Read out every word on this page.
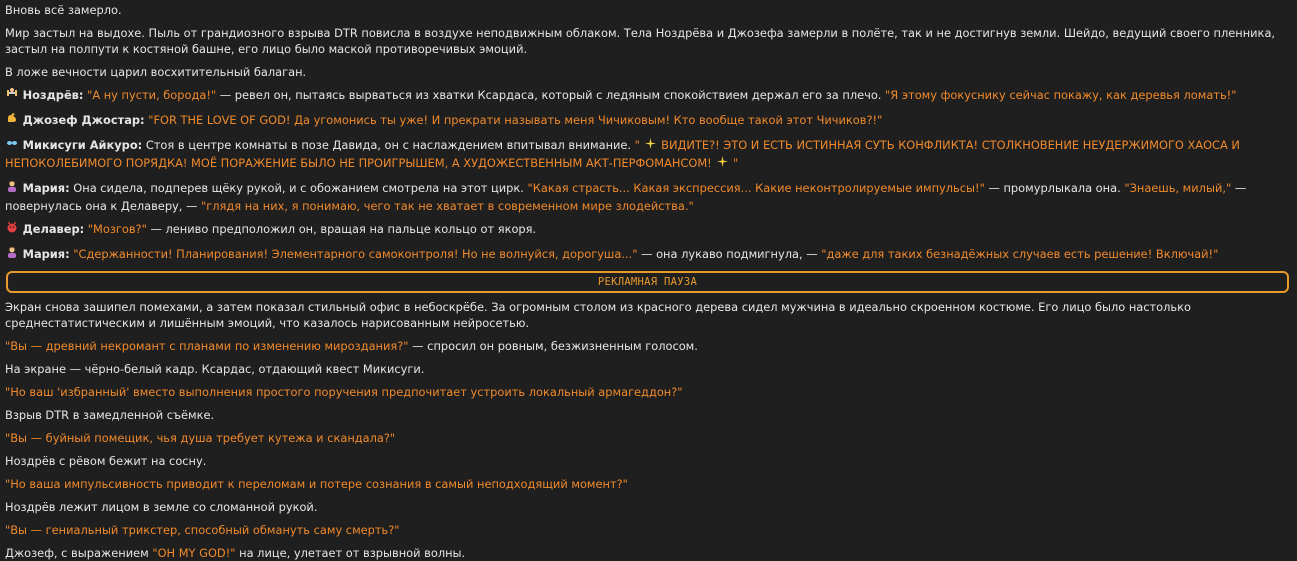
Вновь всё замерло.

Мир застыл на выдохе. Пыль от грандиозного взрыва DTR повисла в воздухе неподвижным облаком. Тела Ноздрёва и Джозефа замерли в полёте, так и не достигнув земли. Шейдо, ведущий своего пленника, застыл на полпути к костяной башне, его лицо было маской противоречивых эмоций.

В ложе вечности царил восхитительный балаган.

Ноздрёв: "А ну пусти, борода!" — ревел он, пытаясь вырваться из хватки Ксардаса, который с ледяным спокойствием держал его за плечо. "Я этому фокуснику сейчас покажу, как деревья ломать!"

Джозеф Джостар: "FOR THE LOVE OF GOD! Да угомонись ты уже! И прекрати называть меня Чичиковым! Кто вообще такой этот Чичиков?!"

Микисуги Айкуро: Стоя в центре комнаты в позе Давида, он с наслаждением впитывал внимание. "  ВИДИТЕ?! ЭТО И ЕСТЬ ИСТИННАЯ СУТЬ КОНФЛИКТА! СТОЛКНОВЕНИЕ НЕУДЕРЖИМОГО ХАОСА И НЕПОКОЛЕБИМОГО ПОРЯДКА! МОЁ ПОРАЖЕНИЕ БЫЛО НЕ ПРОИГРЫШЕМ, А ХУДОЖЕСТВЕННЫМ АКТ-ПЕРФОМАНСОМ!  "

Мария: Она сидела, подперев щёку рукой, и с обожанием смотрела на этот цирк. "Какая страсть... Какая экспрессия... Какие неконтролируемые импульсы!" — промурлыкала она. "Знаешь, милый," — повернулась она к Делаверу, — "глядя на них, я понимаю, чего так не хватает в современном мире злодейства."

Делавер: "Мозгов?" — лениво предположил он, вращая на пальце кольцо от якоря.

Мария: "Сдержанности! Планирования! Элементарного самоконтроля! Но не волнуйся, дорогуша..." — она лукаво подмигнула, — "даже для таких безнадёжных случаев есть решение! Включай!"

РЕКЛАМНАЯ ПАУЗА

Экран снова зашипел помехами, а затем показал стильный офис в небоскрёбе. За огромным столом из красного дерева сидел мужчина в идеально скроенном костюме. Его лицо было настолько среднестатистическим и лишённым эмоций, что казалось нарисованным нейросетью.

"Вы — древний некромант с планами по изменению мироздания?" — спросил он ровным, безжизненным голосом.

На экране — чёрно-белый кадр. Ксардас, отдающий квест Микисуги.

"Но ваш 'избранный' вместо выполнения простого поручения предпочитает устроить локальный армагеддон?"

Взрыв DTR в замедленной съёмке.

"Вы — буйный помещик, чья душа требует кутежа и скандала?"

Ноздрёв с рёвом бежит на сосну.

"Но ваша импульсивность приводит к переломам и потере сознания в самый неподходящий момент?"

Ноздрёв лежит лицом в земле со сломанной рукой.

"Вы — гениальный трикстер, способный обмануть саму смерть?"

Джозеф, с выражением "OH MY GOD!" на лице, улетает от взрывной волны.
